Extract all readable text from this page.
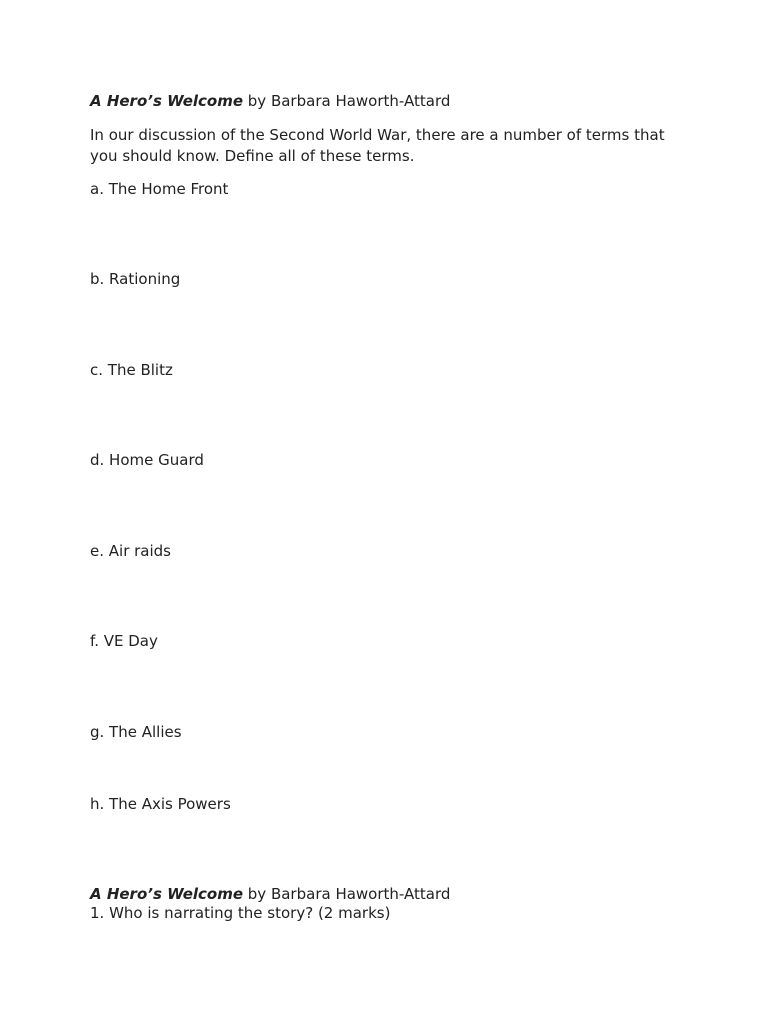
A Hero’s Welcome by Barbara Haworth-Attard
In our discussion of the Second World War, there are a number of terms that
you should know. Define all of these terms.
a. The Home Front
b. Rationing
c. The Blitz
d. Home Guard
e. Air raids
f. VE Day
g. The Allies
h. The Axis Powers
A Hero’s Welcome by Barbara Haworth-Attard
1. Who is narrating the story? (2 marks)
